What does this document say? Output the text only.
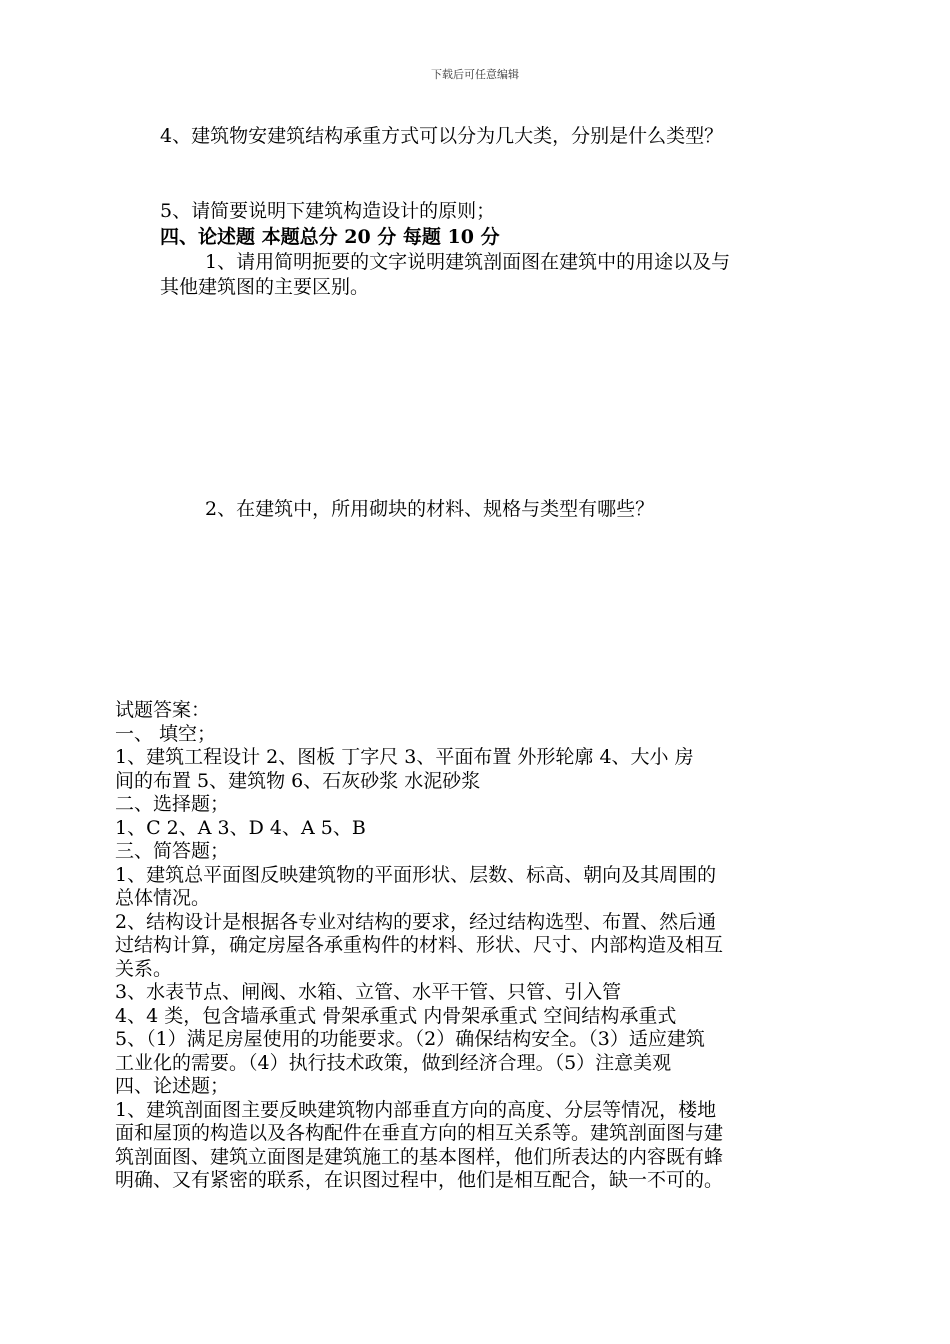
下载后可任意编辑
4、建筑物安建筑结构承重方式可以分为几大类，分别是什么类型？
5、请简要说明下建筑构造设计的原则；
四、论述题 本题总分 20 分 每题 10 分
1、请用简明扼要的文字说明建筑剖面图在建筑中的用途以及与
其他建筑图的主要区别。
2、在建筑中，所用砌块的材料、规格与类型有哪些？
试题答案：
一、 填空；
1、建筑工程设计 2、图板 丁字尺 3、平面布置 外形轮廓 4、大小 房
间的布置 5、建筑物 6、石灰砂浆 水泥砂浆
二、选择题；
1、C 2、A 3、D 4、A 5、B
三、简答题；
1、建筑总平面图反映建筑物的平面形状、层数、标高、朝向及其周围的
总体情况。
2、结构设计是根据各专业对结构的要求，经过结构选型、布置、然后通
过结构计算，确定房屋各承重构件的材料、形状、尺寸、内部构造及相互
关系。
3、水表节点、闸阀、水箱、立管、水平干管、只管、引入管
4、4 类，包含墙承重式 骨架承重式 内骨架承重式 空间结构承重式
5、（1）满足房屋使用的功能要求。（2）确保结构安全。（3）适应建筑
工业化的需要。（4）执行技术政策，做到经济合理。（5）注意美观
四、论述题；
1、建筑剖面图主要反映建筑物内部垂直方向的高度、分层等情况，楼地
面和屋顶的构造以及各构配件在垂直方向的相互关系等。建筑剖面图与建
筑剖面图、建筑立面图是建筑施工的基本图样，他们所表达的内容既有蜂
明确、又有紧密的联系，在识图过程中，他们是相互配合，缺一不可的。
